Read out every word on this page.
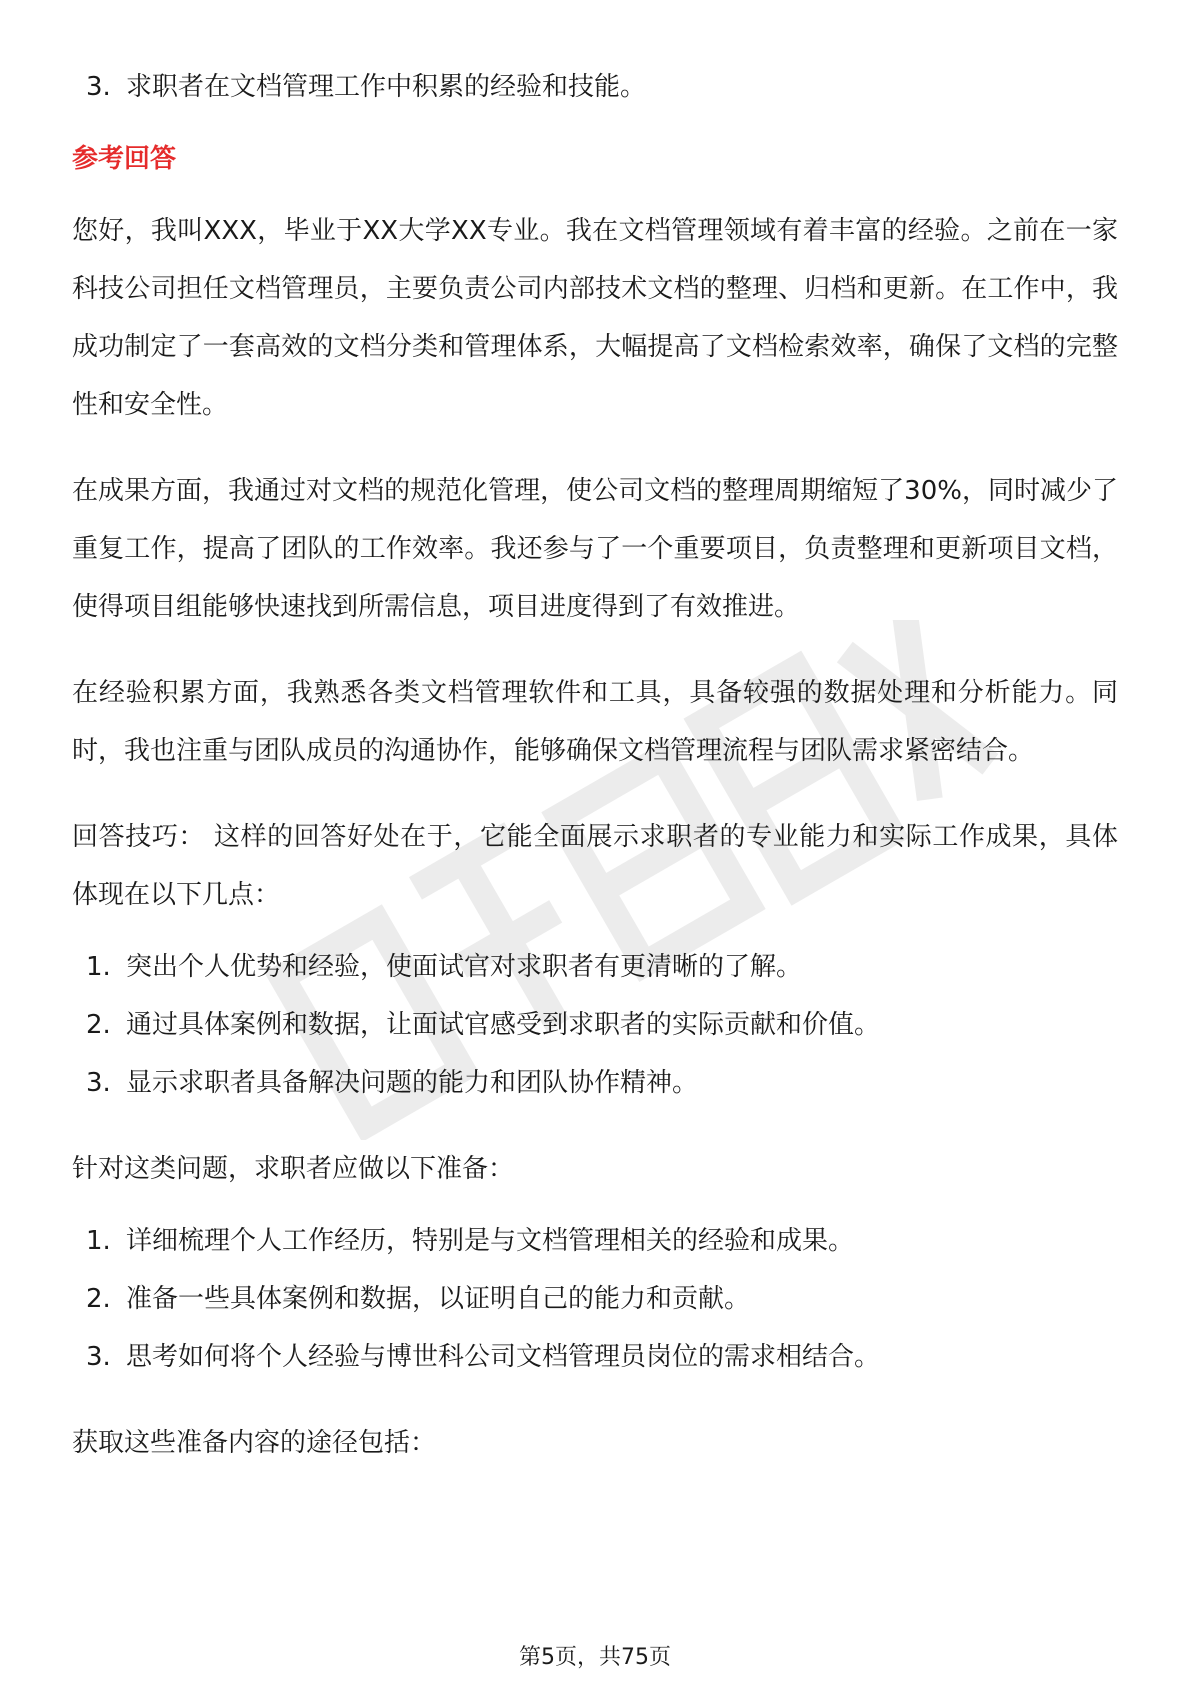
3. 求职者在文档管理工作中积累的经验和技能。
参考回答
您好，我叫XXX，毕业于XX大学XX专业。我在文档管理领域有着丰富的经验。之前在一家科技公司担任文档管理员，主要负责公司内部技术文档的整理、归档和更新。在工作中，我成功制定了一套高效的文档分类和管理体系，大幅提高了文档检索效率，确保了文档的完整性和安全性。
在成果方面，我通过对文档的规范化管理，使公司文档的整理周期缩短了30%，同时减少了重复工作，提高了团队的工作效率。我还参与了一个重要项目，负责整理和更新项目文档，使得项目组能够快速找到所需信息，项目进度得到了有效推进。
在经验积累方面，我熟悉各类文档管理软件和工具，具备较强的数据处理和分析能力。同时，我也注重与团队成员的沟通协作，能够确保文档管理流程与团队需求紧密结合。
回答技巧： 这样的回答好处在于，它能全面展示求职者的专业能力和实际工作成果，具体体现在以下几点：
1. 突出个人优势和经验，使面试官对求职者有更清晰的了解。
2. 通过具体案例和数据，让面试官感受到求职者的实际贡献和价值。
3. 显示求职者具备解决问题的能力和团队协作精神。
针对这类问题，求职者应做以下准备：
1. 详细梳理个人工作经历，特别是与文档管理相关的经验和成果。
2. 准备一些具体案例和数据，以证明自己的能力和贡献。
3. 思考如何将个人经验与博世科公司文档管理员岗位的需求相结合。
获取这些准备内容的途径包括：
第5页，共75页
